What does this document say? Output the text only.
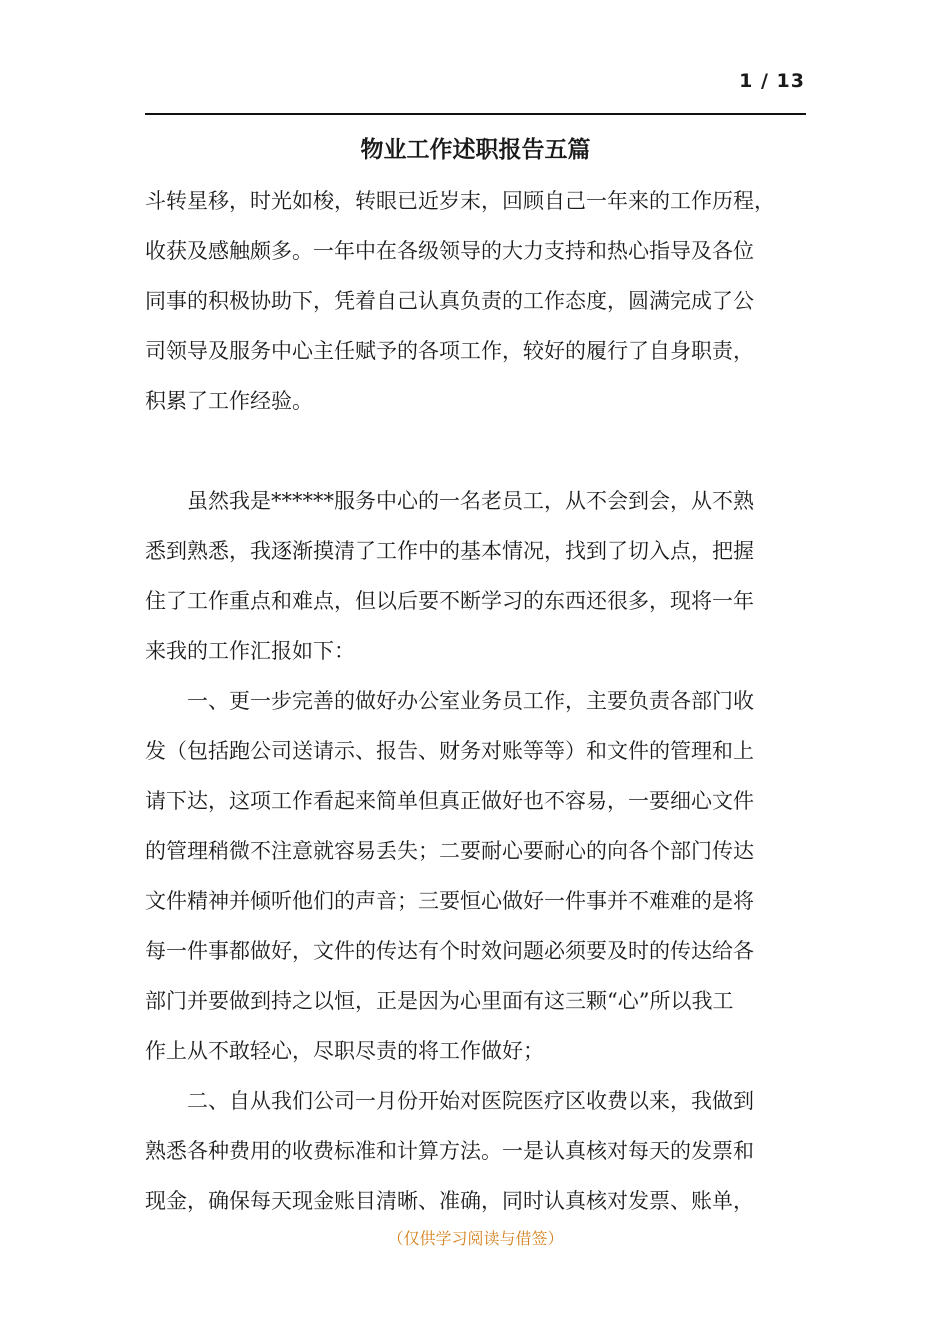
1 / 13
物业工作述职报告五篇

斗转星移，时光如梭，转眼已近岁末，回顾自己一年来的工作历程，
收获及感触颇多。一年中在各级领导的大力支持和热心指导及各位
同事的积极协助下，凭着自己认真负责的工作态度，圆满完成了公
司领导及服务中心主任赋予的各项工作，较好的履行了自身职责，
积累了工作经验。

　　虽然我是******服务中心的一名老员工，从不会到会，从不熟
悉到熟悉，我逐渐摸清了工作中的基本情况，找到了切入点，把握
住了工作重点和难点，但以后要不断学习的东西还很多，现将一年
来我的工作汇报如下：

　　一、更一步完善的做好办公室业务员工作，主要负责各部门收
发（包括跑公司送请示、报告、财务对账等等）和文件的管理和上
请下达，这项工作看起来简单但真正做好也不容易，一要细心文件
的管理稍微不注意就容易丢失；二要耐心要耐心的向各个部门传达
文件精神并倾听他们的声音；三要恒心做好一件事并不难难的是将
每一件事都做好，文件的传达有个时效问题必须要及时的传达给各
部门并要做到持之以恒，正是因为心里面有这三颗“心”所以我工
作上从不敢轻心，尽职尽责的将工作做好；

　　二、自从我们公司一月份开始对医院医疗区收费以来，我做到
熟悉各种费用的收费标准和计算方法。一是认真核对每天的发票和
现金，确保每天现金账目清晰、准确，同时认真核对发票、账单，

（仅供学习阅读与借签）
